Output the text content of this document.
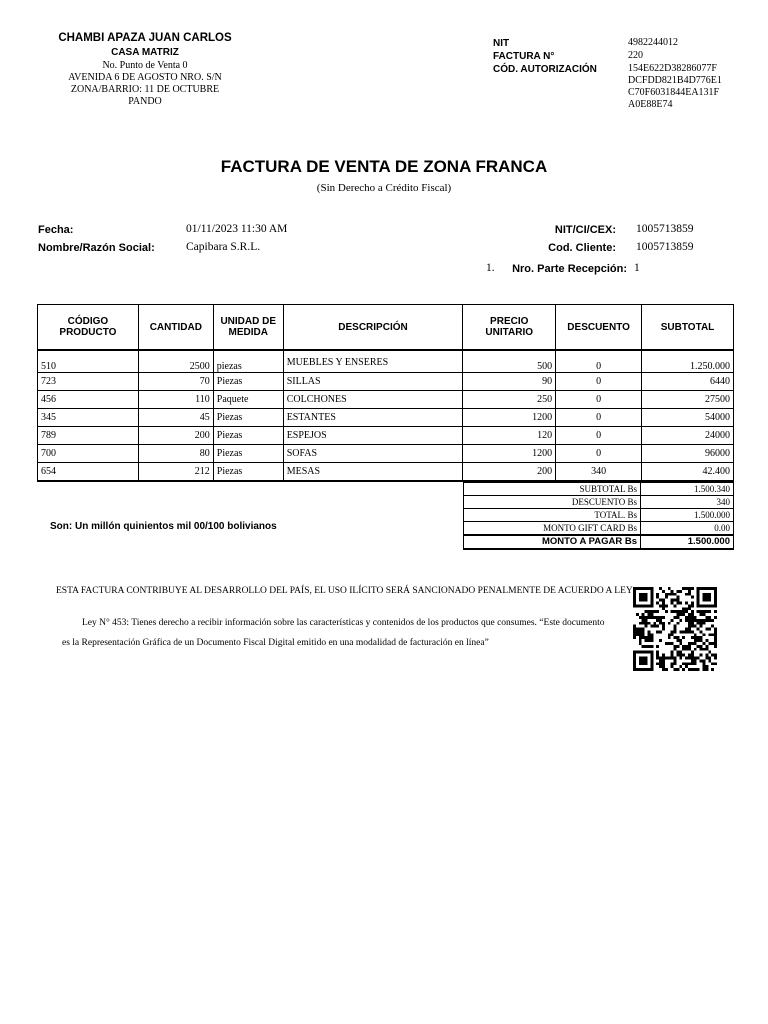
CHAMBI APAZA JUAN CARLOS
CASA MATRIZ
No. Punto de Venta 0
AVENIDA 6 DE AGOSTO NRO. S/N
ZONA/BARRIO: 11 DE OCTUBRE
PANDO
NIT	4982244012
FACTURA N°	220
CÓD. AUTORIZACIÓN	154E622D38286077F
DCFDD821B4D776E1
C70F6031844EA131F
A0E88E74
FACTURA DE VENTA DE ZONA FRANCA
(Sin Derecho a Crédito Fiscal)
Fecha:	01/11/2023 11:30 AM
Nombre/Razón Social:	Capibara S.R.L.
NIT/CI/CEX: 1005713859
Cod. Cliente: 1005713859
1.	Nro. Parte Recepción: 1
CÓDIGO PRODUCTO	CANTIDAD	UNIDAD DE MEDIDA	DESCRIPCIÓN	PRECIO UNITARIO	DESCUENTO	SUBTOTAL
510	2500	piezas	MUEBLES Y ENSERES	500	0	1.250.000
723	70	Piezas	SILLAS	90	0	6440
456	110	Paquete	COLCHONES	250	0	27500
345	45	Piezas	ESTANTES	1200	0	54000
789	200	Piezas	ESPEJOS	120	0	24000
700	80	Piezas	SOFAS	1200	0	96000
654	212	Piezas	MESAS	200	340	42.400
SUBTOTAL Bs	1.500.340
DESCUENTO Bs	340
TOTAL. Bs	1.500.000
MONTO GIFT CARD Bs	0.00
MONTO A PAGAR Bs	1.500.000
Son: Un millón quinientos mil 00/100 bolivianos
ESTA FACTURA CONTRIBUYE AL DESARROLLO DEL PAÍS, EL USO ILÍCITO SERÁ SANCIONADO PENALMENTE DE ACUERDO A LEY
Ley N° 453: Tienes derecho a recibir información sobre las características y contenidos de los productos que consumes. “Este documento es la Representación Gráfica de un Documento Fiscal Digital emitido en una modalidad de facturación en línea”
